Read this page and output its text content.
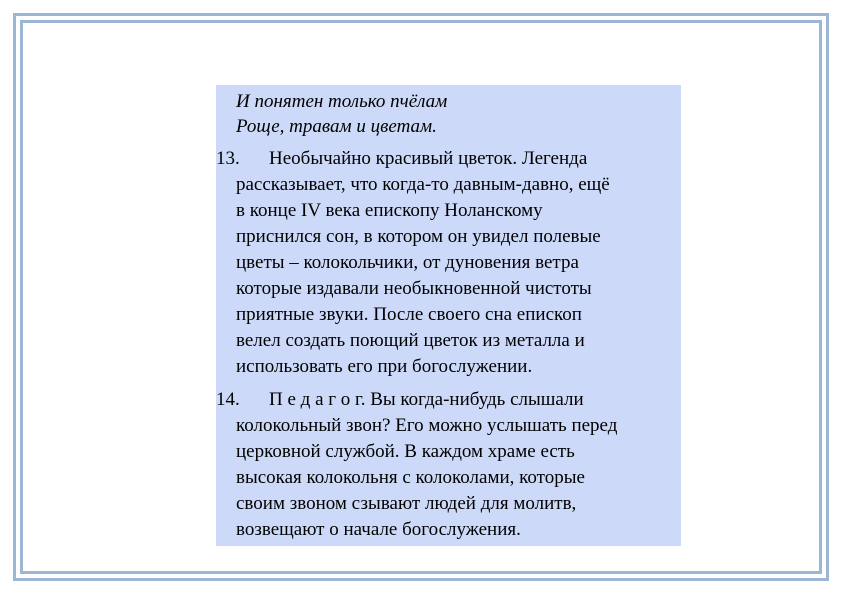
И понятен только пчёлам
Роще, травам и цветам.
13.	Необычайно красивый цветок. Легенда
рассказывает, что когда-то давным-давно, ещё
в конце IV века епископу Ноланскому
приснился сон, в котором он увидел полевые
цветы – колокольчики, от дуновения ветра
которые издавали необыкновенной чистоты
приятные звуки. После своего сна епископ
велел создать поющий цветок из металла и
использовать его при богослужении.
14.	П е д а г о г. Вы когда-нибудь слышали
колокольный звон? Его можно услышать перед
церковной службой. В каждом храме есть
высокая колокольня с колоколами, которые
своим звоном сзывают людей для молитв,
возвещают о начале богослужения.
